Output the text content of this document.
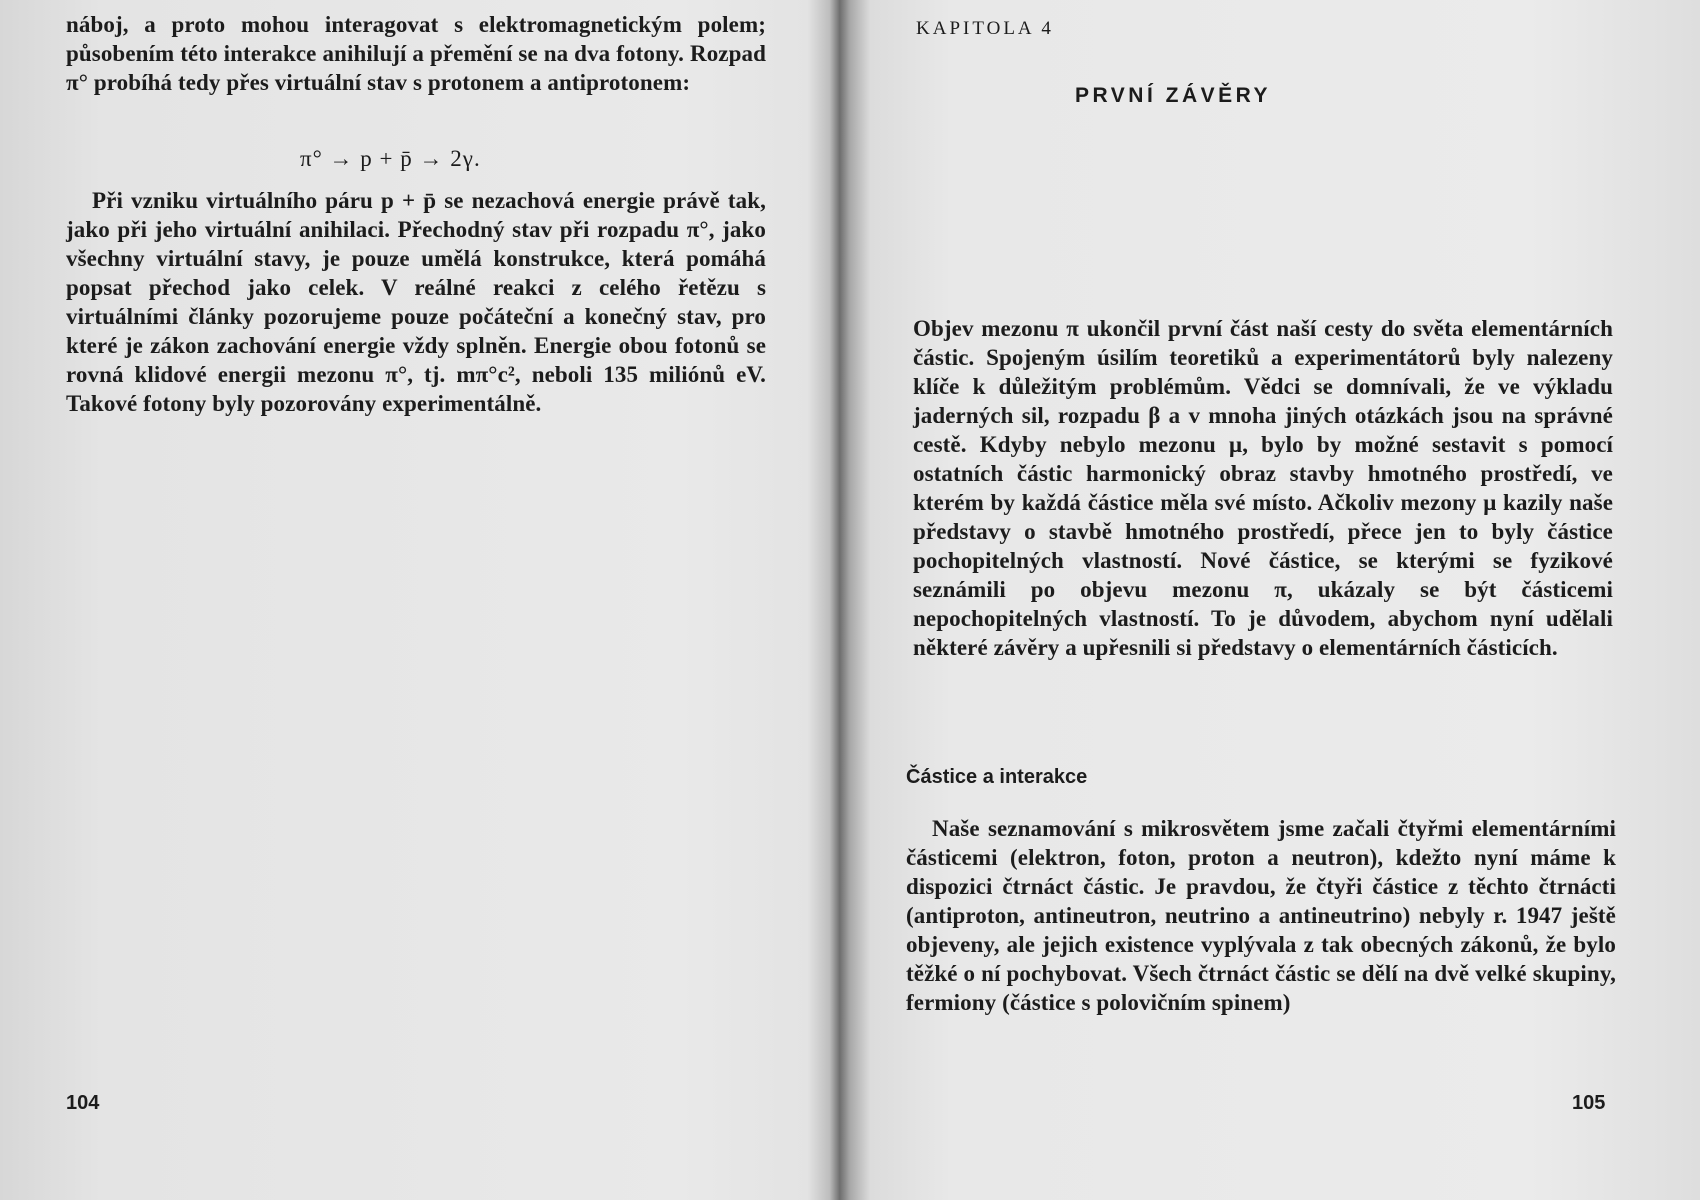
náboj, a proto mohou interagovat s elektromagnetickým polem; působením této interakce anihilují a přemění se na dva fotony. Rozpad π° probíhá tedy přes virtuální stav s protonem a antiprotonem:

π° → p + p̄ → 2γ.

Při vzniku virtuálního páru p + p̄ se nezachová energie právě tak, jako při jeho virtuální anihilaci. Přechodný stav při rozpadu π°, jako všechny virtuální stavy, je pouze umělá konstrukce, která pomáhá popsat přechod jako celek. V reálné reakci z celého řetězu s virtuálními články pozorujeme pouze počáteční a konečný stav, pro které je zákon zachování energie vždy splněn. Energie obou fotonů se rovná klidové energii mezonu π°, tj. mπ°c², neboli 135 miliónů eV. Takové fotony byly pozorovány experimentálně.

104
KAPITOLA 4
PRVNÍ ZÁVĚRY

Objev mezonu π ukončil první část naší cesty do světa elementárních částic. Spojeným úsilím teoretiků a experimentátorů byly nalezeny klíče k důležitým problémům. Vědci se domnívali, že ve výkladu jaderných sil, rozpadu β a v mnoha jiných otázkách jsou na správné cestě. Kdyby nebylo mezonu μ, bylo by možné sestavit s pomocí ostatních částic harmonický obraz stavby hmotného prostředí, ve kterém by každá částice měla své místo. Ačkoliv mezony μ kazily naše představy o stavbě hmotného prostředí, přece jen to byly částice pochopitelných vlastností. Nové částice, se kterými se fyzikové seznámili po objevu mezonu π, ukázaly se být částicemi nepochopitelných vlastností. To je důvodem, abychom nyní udělali některé závěry a upřesnili si představy o elementárních částicích.

Částice a interakce

Naše seznamování s mikrosvětem jsme začali čtyřmi elementárními částicemi (elektron, foton, proton a neutron), kdežto nyní máme k dispozici čtrnáct částic. Je pravdou, že čtyři částice z těchto čtrnácti (antiproton, antineutron, neutrino a antineutrino) nebyly r. 1947 ještě objeveny, ale jejich existence vyplývala z tak obecných zákonů, že bylo těžké o ní pochybovat. Všech čtrnáct částic se dělí na dvě velké skupiny, fermiony (částice s polovičním spinem)

105
